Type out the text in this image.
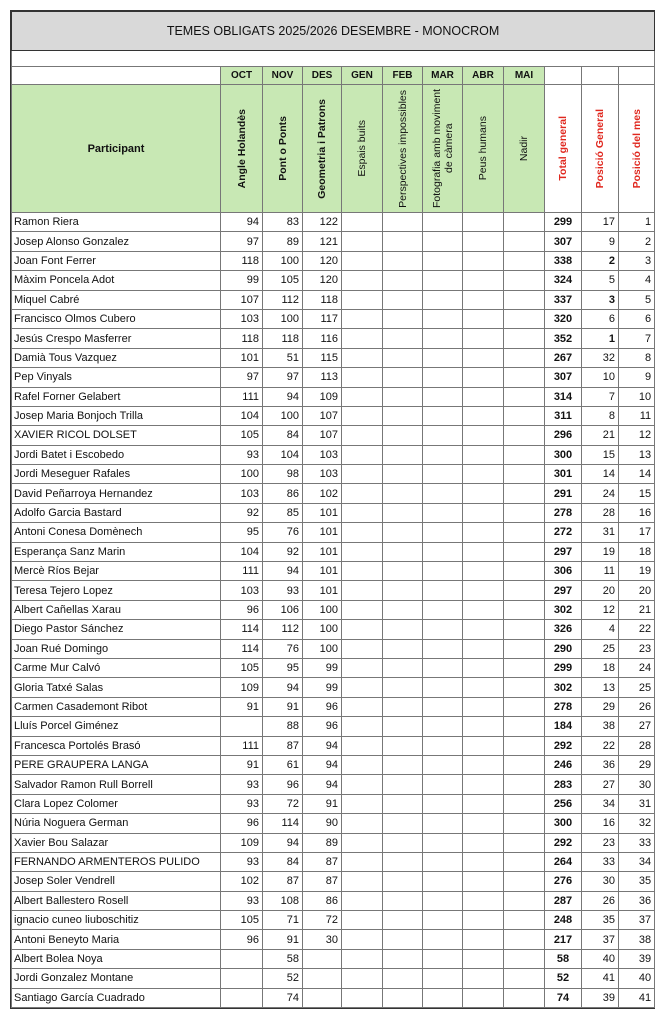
TEMES OBLIGATS 2025/2026 DESEMBRE - MONOCROM											

	OCT	NOV	DES	GEN	FEB	MAR	ABR	MAI			
Participant	Angle Holandès	Pont o Ponts	Geometria i Patrons	Espais buits	Perspectives impossibles	Fotografia amb moviment de càmera	Peus humans	Nadir	Total general	Posició General	Posició del mes

Ramon Riera	94	83	122						299	17	1
Josep Alonso Gonzalez	97	89	121						307	9	2
Joan Font Ferrer	118	100	120						338	2	3
Màxim Poncela Adot	99	105	120						324	5	4
Miquel Cabré	107	112	118						337	3	5
Francisco Olmos Cubero	103	100	117						320	6	6
Jesús Crespo Masferrer	118	118	116						352	1	7
Damià Tous Vazquez	101	51	115						267	32	8
Pep Vinyals	97	97	113						307	10	9
Rafel Forner Gelabert	111	94	109						314	7	10
Josep Maria Bonjoch Trilla	104	100	107						311	8	11
XAVIER RICOL DOLSET	105	84	107						296	21	12
Jordi Batet i Escobedo	93	104	103						300	15	13
Jordi Meseguer Rafales	100	98	103						301	14	14
David Peñarroya Hernandez	103	86	102						291	24	15
Adolfo Garcia Bastard	92	85	101						278	28	16
Antoni Conesa Domènech	95	76	101						272	31	17
Esperança Sanz Marin	104	92	101						297	19	18
Mercè Ríos Bejar	111	94	101						306	11	19
Teresa Tejero Lopez	103	93	101						297	20	20
Albert Cañellas Xarau	96	106	100						302	12	21
Diego Pastor Sánchez	114	112	100						326	4	22
Joan Rué Domingo	114	76	100						290	25	23
Carme Mur Calvó	105	95	99						299	18	24
Gloria Tatxé Salas	109	94	99						302	13	25
Carmen Casademont Ribot	91	91	96						278	29	26
Lluís Porcel Giménez		88	96						184	38	27
Francesca Portolés Brasó	111	87	94						292	22	28
PERE GRAUPERA LANGA	91	61	94						246	36	29
Salvador Ramon Rull Borrell	93	96	94						283	27	30
Clara Lopez Colomer	93	72	91						256	34	31
Núria Noguera German	96	114	90						300	16	32
Xavier Bou Salazar	109	94	89						292	23	33
FERNANDO ARMENTEROS PULIDO	93	84	87						264	33	34
Josep Soler Vendrell	102	87	87						276	30	35
Albert Ballestero Rosell	93	108	86						287	26	36
ignacio cuneo liuboschitiz	105	71	72						248	35	37
Antoni Beneyto Maria	96	91	30						217	37	38
Albert Bolea Noya		58							58	40	39
Jordi Gonzalez Montane		52							52	41	40
Santiago García Cuadrado		74							74	39	41
